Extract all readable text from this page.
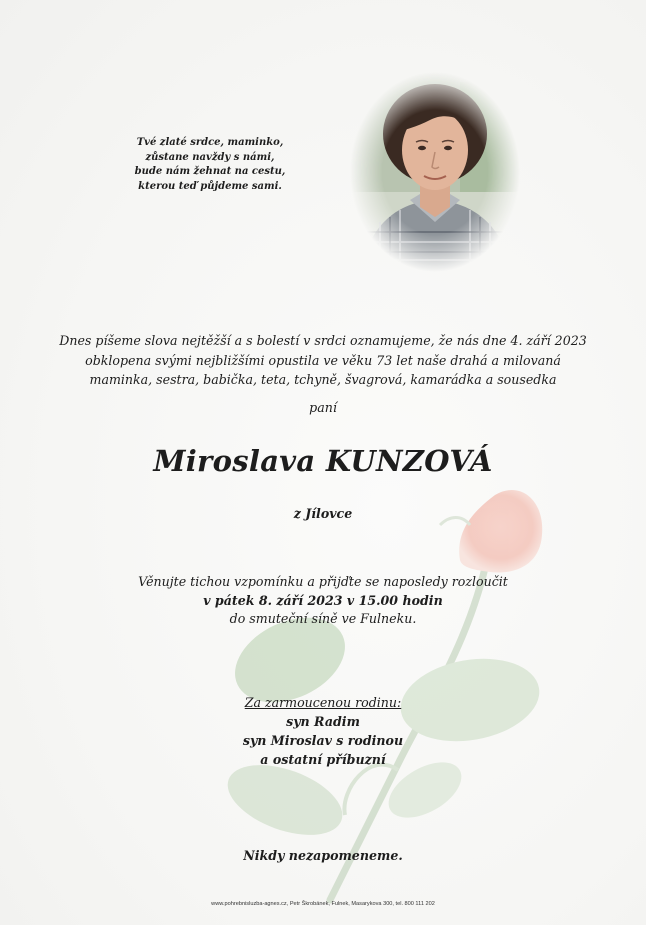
Tvé zlaté srdce, maminko,
zůstane navždy s námi,
bude nám žehnat na cestu,
kterou teď půjdeme sami.
Dnes píšeme slova nejtěžší a s bolestí v srdci oznamujeme, že nás dne 4. září 2023
obklopena svými nejbližšími opustila ve věku 73 let naše drahá a milovaná
maminka, sestra, babička, teta, tchyně, švagrová, kamarádka a sousedka
paní
Miroslava KUNZOVÁ
z Jílovce
Věnujte tichou vzpomínku a přijďte se naposledy rozloučit
v pátek 8. září 2023 v 15.00 hodin
do smuteční síně ve Fulneku.
Za zarmoucenou rodinu:
syn Radim
syn Miroslav s rodinou
a ostatní příbuzní
Nikdy nezapomeneme.
www.pohrebnisluzba-agnes.cz, Petr Škrobánek, Fulnek, Masarykova 300, tel. 800 111 202
